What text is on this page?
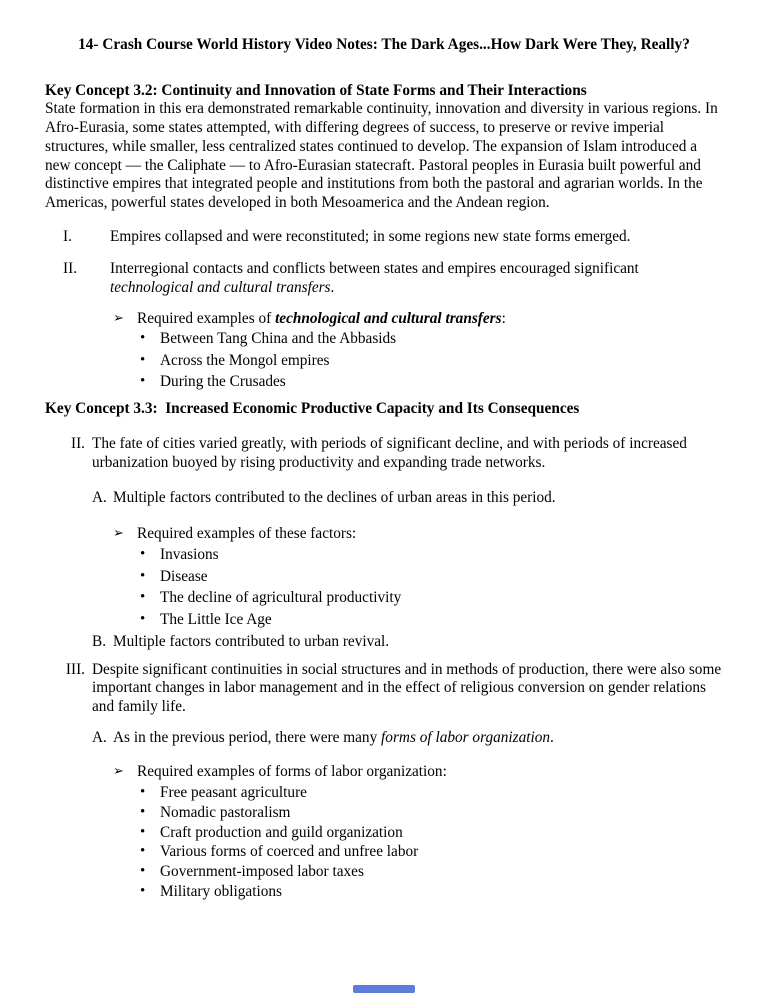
14- Crash Course World History Video Notes: The Dark Ages...How Dark Were They, Really?
Key Concept 3.2: Continuity and Innovation of State Forms and Their Interactions
State formation in this era demonstrated remarkable continuity, innovation and diversity in various regions. In Afro-Eurasia, some states attempted, with differing degrees of success, to preserve or revive imperial structures, while smaller, less centralized states continued to develop. The expansion of Islam introduced a new concept — the Caliphate — to Afro-Eurasian statecraft. Pastoral peoples in Eurasia built powerful and distinctive empires that integrated people and institutions from both the pastoral and agrarian worlds. In the Americas, powerful states developed in both Mesoamerica and the Andean region.
I. Empires collapsed and were reconstituted; in some regions new state forms emerged.
II. Interregional contacts and conflicts between states and empires encouraged significant technological and cultural transfers.
➢ Required examples of technological and cultural transfers:
• Between Tang China and the Abbasids
• Across the Mongol empires
• During the Crusades
Key Concept 3.3:  Increased Economic Productive Capacity and Its Consequences
II. The fate of cities varied greatly, with periods of significant decline, and with periods of increased urbanization buoyed by rising productivity and expanding trade networks.
A. Multiple factors contributed to the declines of urban areas in this period.
➢ Required examples of these factors:
• Invasions
• Disease
• The decline of agricultural productivity
• The Little Ice Age
B. Multiple factors contributed to urban revival.
III. Despite significant continuities in social structures and in methods of production, there were also some important changes in labor management and in the effect of religious conversion on gender relations and family life.
A. As in the previous period, there were many forms of labor organization.
➢ Required examples of forms of labor organization:
• Free peasant agriculture
• Nomadic pastoralism
• Craft production and guild organization
• Various forms of coerced and unfree labor
• Government-imposed labor taxes
• Military obligations
